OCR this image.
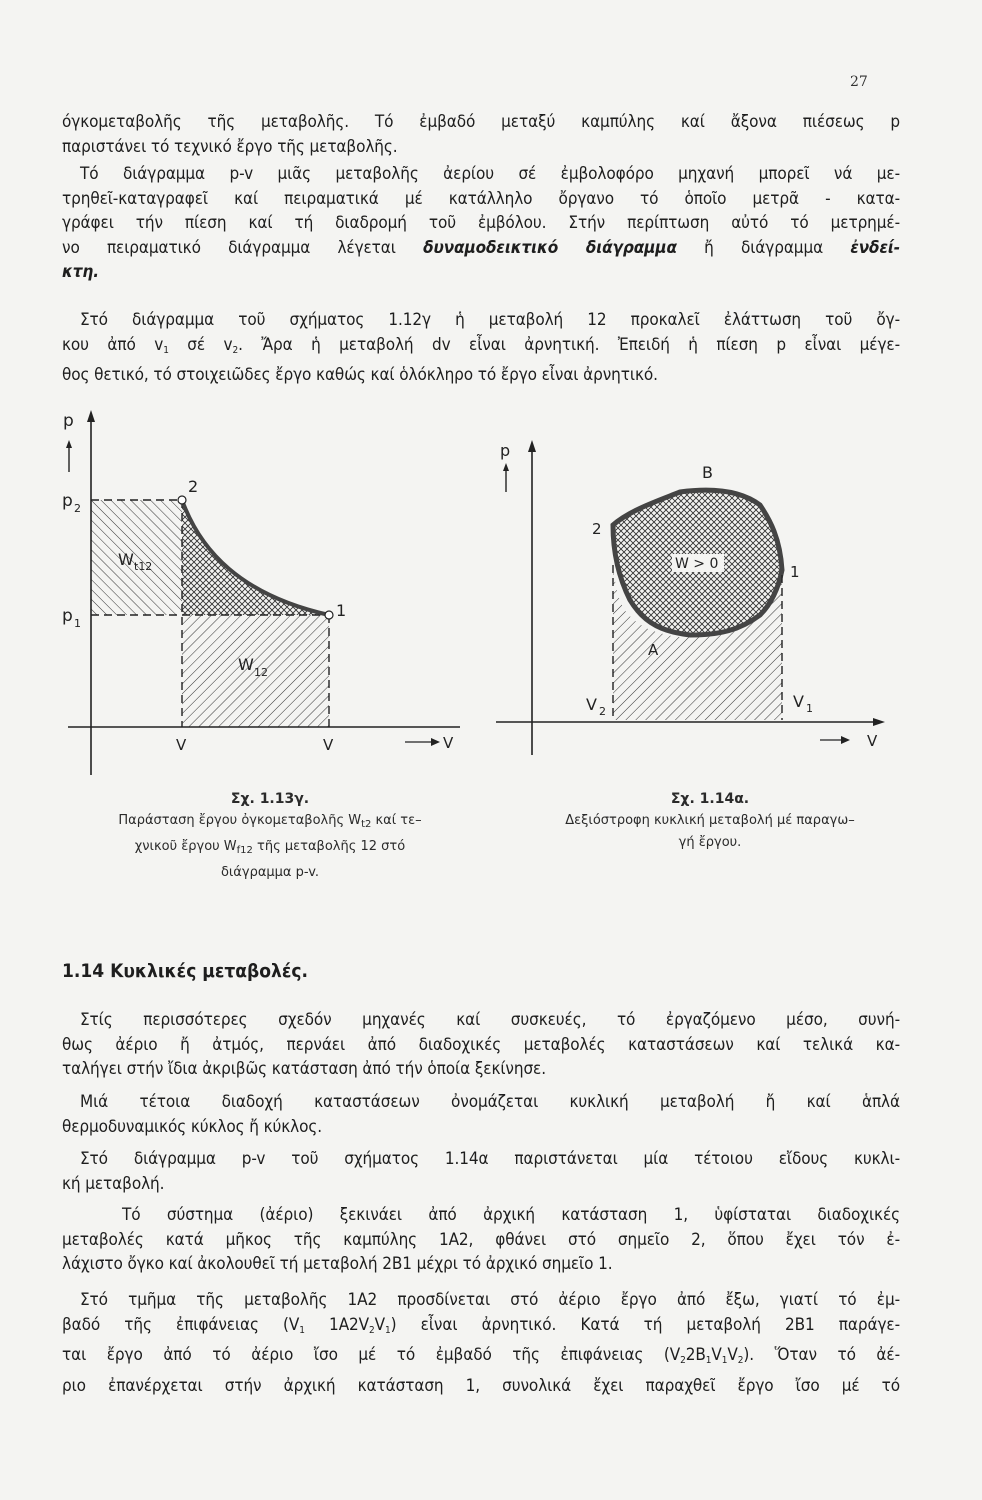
27
όγκομεταβολῆς τῆς μεταβολῆς. Τό ἐμβαδό μεταξύ καμπύλης καί ἄξονα πιέσεως p
παριστάνει τό τεχνικό ἔργο τῆς μεταβολῆς.
Τό διάγραμμα p-v μιᾶς μεταβολῆς ἀερίου σέ ἐμβολοφόρο μηχανή μπορεῖ νά με-
τρηθεῖ-καταγραφεῖ καί πειραματικά μέ κατάλληλο ὄργανο τό ὁποῖο μετρᾶ - κατα-
γράφει τήν πίεση καί τή διαδρομή τοῦ ἐμβόλου. Στήν περίπτωση αὐτό τό μετρημέ-
νο πειραματικό διάγραμμα λέγεται δυναμοδεικτικό διάγραμμα ἤ διάγραμμα ἐνδεί-
κτη.
Στό διάγραμμα τοῦ σχήματος 1.12γ ἡ μεταβολή 12 προκαλεῖ ἐλάττωση τοῦ ὄγ-
κου ἀπό $v_1$ σέ $v_2$. Ἄρα ἡ μεταβολή dv εἶναι ἀρνητική. Ἐπειδή ἡ πίεση p εἶναι μέγε-
θος θετικό, τό στοιχειῶδες ἔργο καθώς καί ὁλόκληρο τό ἔργο εἶναι ἀρνητικό.
p
p 2
p 1
2
1
W t12
W 12
V	V	V
Σχ. 1.13γ.
Παράσταση ἔργου ὀγκομεταβολῆς $W_{t2}$ καί τε–
χνικοῦ ἔργου $W_{f12}$ τῆς μεταβολῆς 12 στό
διάγραμμα p-v.
p
B
A
2
1
W > 0
V 2
V 1
V
Σχ. 1.14α.
Δεξιόστροφη κυκλική μεταβολή μέ παραγω–
γή ἔργου.
1.14 Κυκλικές μεταβολές.
Στίς περισσότερες σχεδόν μηχανές καί συσκευές, τό ἐργαζόμενο μέσο, συνή-
θως ἀέριο ἤ ἀτμός, περνάει ἀπό διαδοχικές μεταβολές καταστάσεων καί τελικά κα-
ταλήγει στήν ἴδια ἀκριβῶς κατάσταση ἀπό τήν ὁποία ξεκίνησε.
Μιά τέτοια διαδοχή καταστάσεων ὀνομάζεται κυκλική μεταβολή ἤ καί ἁπλά
θερμοδυναμικός κύκλος ἤ κύκλος.
Στό διάγραμμα p-v τοῦ σχήματος 1.14α παριστάνεται μία τέτοιου εἴδους κυκλι-
κή μεταβολή.
Τό σύστημα (ἀέριο) ξεκινάει ἀπό ἀρχική κατάσταση 1, ὑφίσταται διαδοχικές
μεταβολές κατά μῆκος τῆς καμπύλης 1Α2, φθάνει στό σημεῖο 2, ὅπου ἔχει τόν ἐ-
λάχιστο ὄγκο καί ἀκολουθεῖ τή μεταβολή 2Β1 μέχρι τό ἀρχικό σημεῖο 1.
Στό τμῆμα τῆς μεταβολῆς 1Α2 προσδίνεται στό ἀέριο ἔργο ἀπό ἔξω, γιατί τό ἐμ-
βαδό τῆς ἐπιφάνειας ($V_1$ $1A2V_2V_1$) εἶναι ἀρνητικό. Κατά τή μεταβολή 2Β1 παράγε-
ται ἔργο ἀπό τό ἀέριο ἴσο μέ τό ἐμβαδό τῆς ἐπιφάνειας $(V_22B_1V_1V_2)$. Ὅταν τό ἀέ-
ριο ἐπανέρχεται στήν ἀρχική κατάσταση 1, συνολικά ἔχει παραχθεῖ ἔργο ἴσο μέ τό
